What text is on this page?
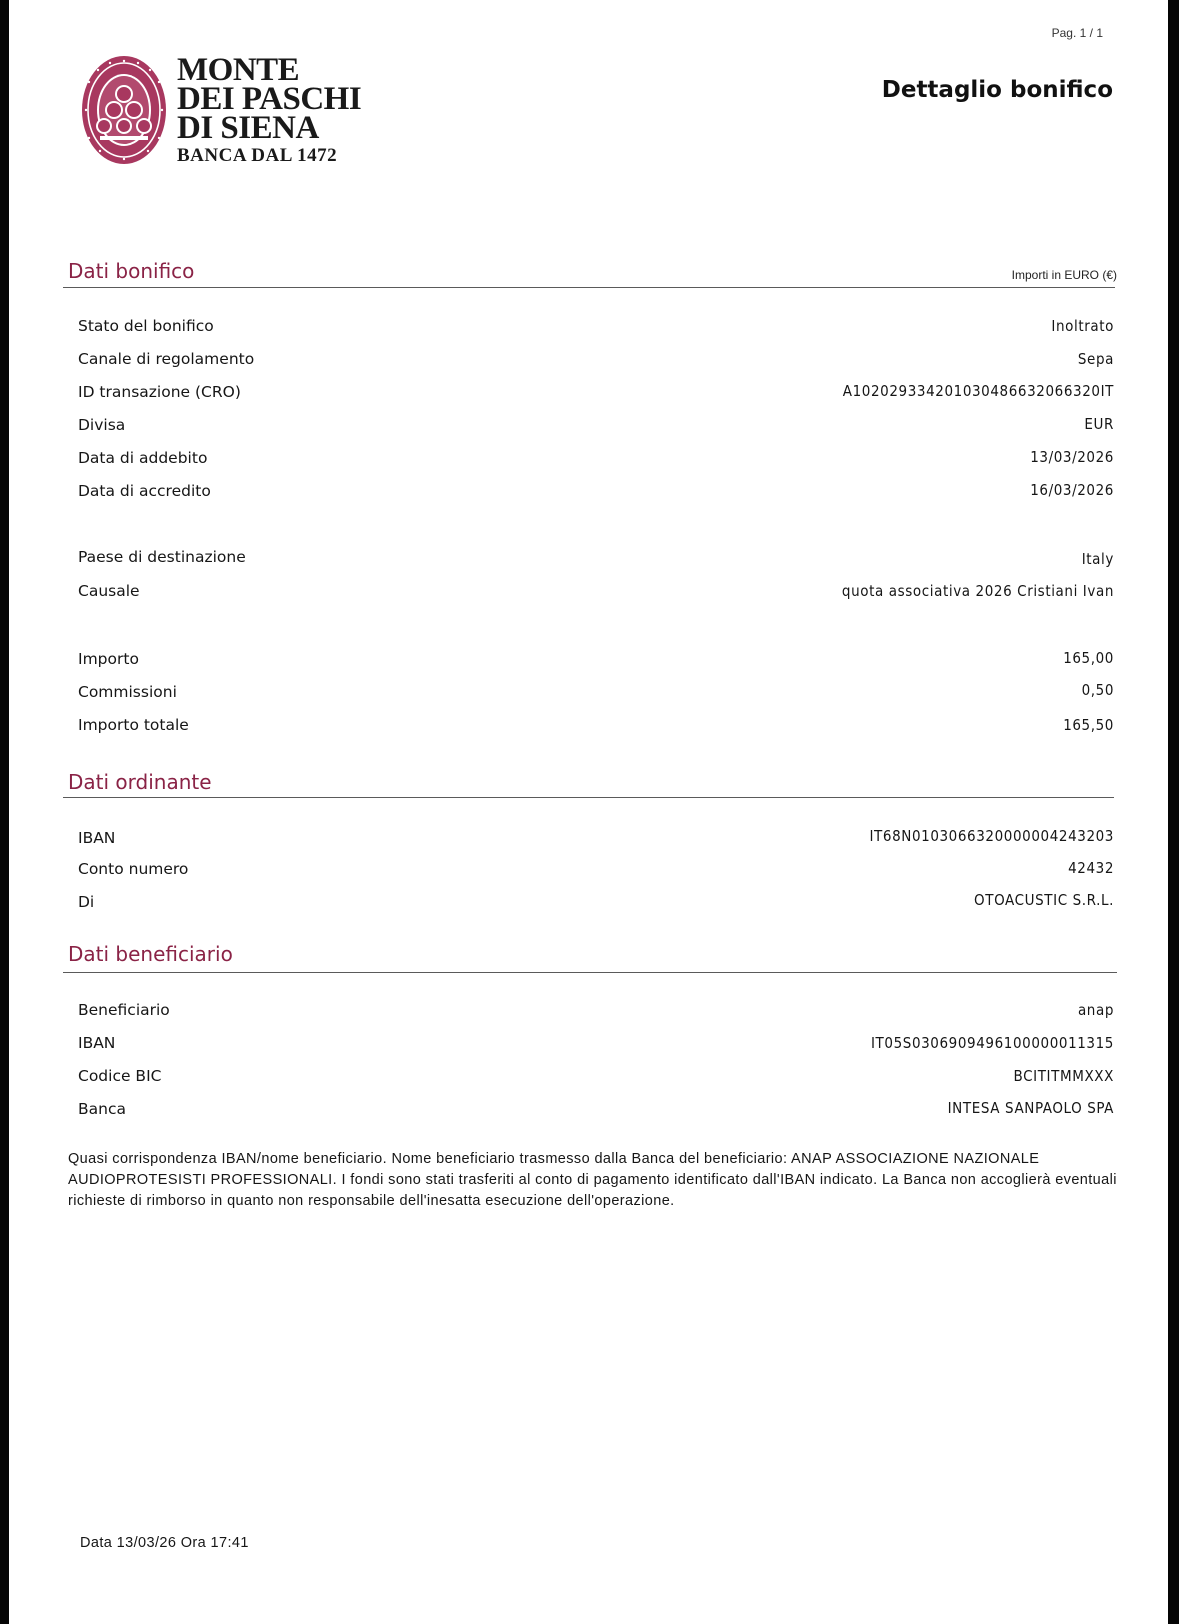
Pag. 1 / 1
Dettaglio bonifico
MONTE
DEI PASCHI
DI SIENA
BANCA DAL 1472
Dati bonifico	Importi in EURO (€)
Stato del bonifico	Inoltrato
Canale di regolamento	Sepa
ID transazione (CRO)	A102029334201030486632066320IT
Divisa	EUR
Data di addebito	13/03/2026
Data di accredito	16/03/2026
Paese di destinazione	Italy
Causale	quota associativa 2026 Cristiani Ivan
Importo	165,00
Commissioni	0,50
Importo totale	165,50
Dati ordinante
IBAN	IT68N0103066320000004243203
Conto numero	42432
Di	OTOACUSTIC S.R.L.
Dati beneficiario
Beneficiario	anap
IBAN	IT05S0306909496100000011315
Codice BIC	BCITITMMXXX
Banca	INTESA SANPAOLO SPA
Quasi corrispondenza IBAN/nome beneficiario. Nome beneficiario trasmesso dalla Banca del beneficiario: ANAP ASSOCIAZIONE NAZIONALE AUDIOPROTESISTI PROFESSIONALI. I fondi sono stati trasferiti al conto di pagamento identificato dall'IBAN indicato. La Banca non accoglierà eventuali richieste di rimborso in quanto non responsabile dell'inesatta esecuzione dell'operazione.
Data 13/03/26 Ora 17:41
